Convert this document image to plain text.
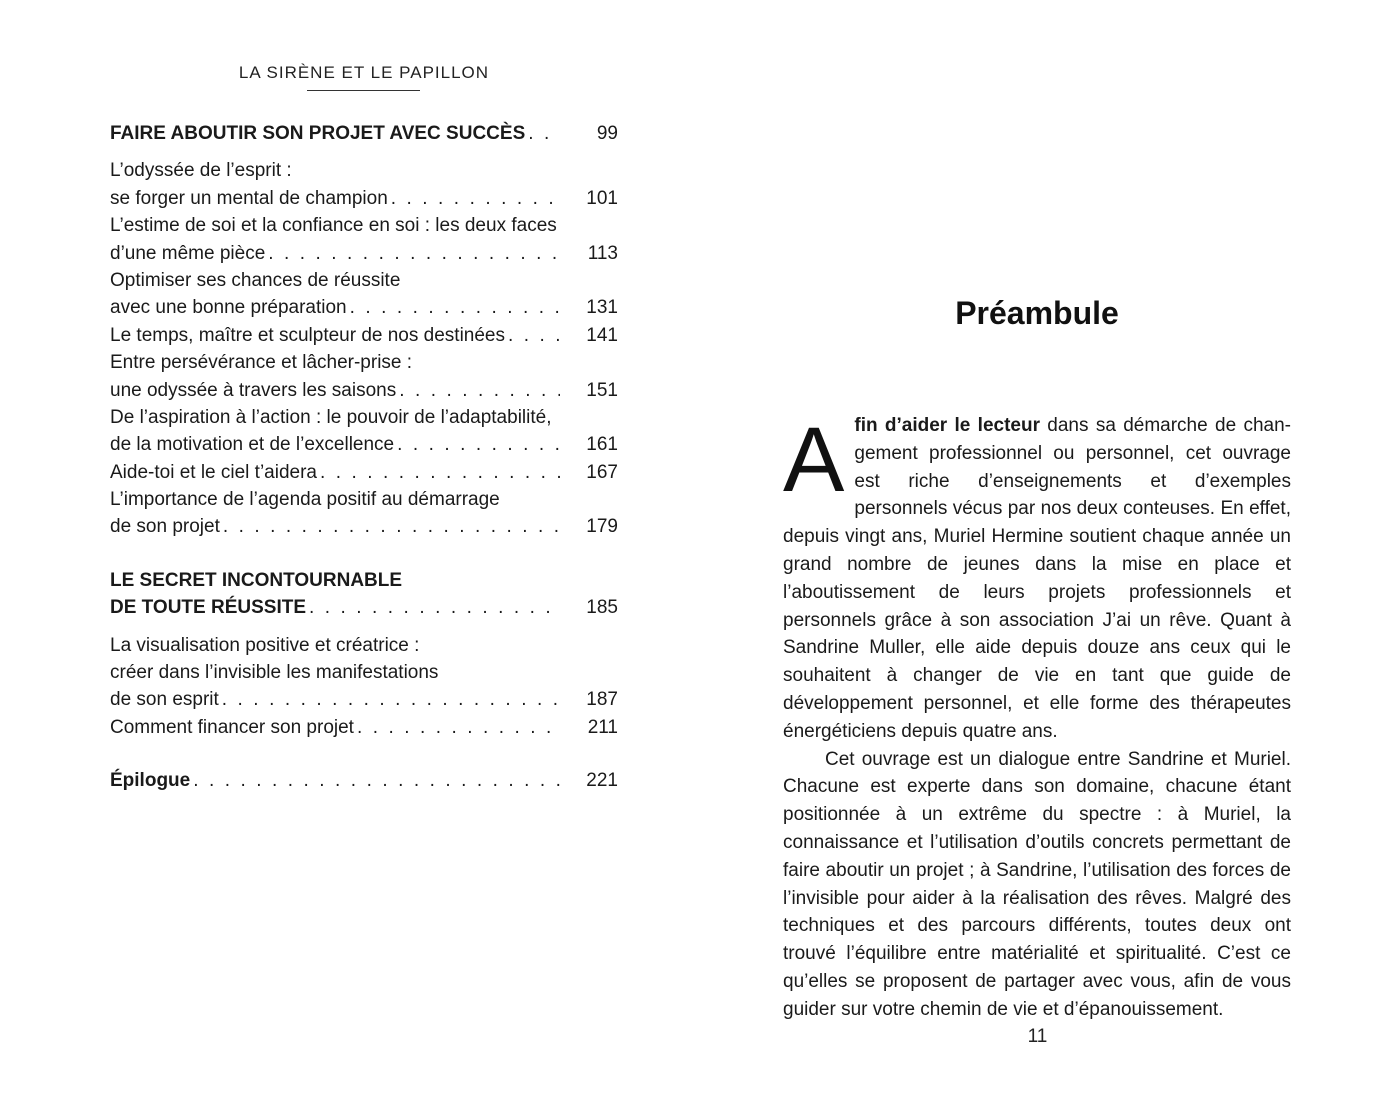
LA SIRÈNE ET LE PAPILLON
FAIRE ABOUTIR SON PROJET AVEC SUCCÈS . . .	99
L’odyssée de l’esprit :
se forger un mental de champion . . .	101
L’estime de soi et la confiance en soi : les deux faces
d’une même pièce . . .	113
Optimiser ses chances de réussite
avec une bonne préparation . . .	131
Le temps, maître et sculpteur de nos destinées . . .	141
Entre persévérance et lâcher-prise :
une odyssée à travers les saisons . . .	151
De l’aspiration à l’action : le pouvoir de l’adaptabilité,
de la motivation et de l’excellence . . .	161
Aide-toi et le ciel t’aidera . . .	167
L’importance de l’agenda positif au démarrage
de son projet . . .	179
LE SECRET INCONTOURNABLE
DE TOUTE RÉUSSITE . . .	185
La visualisation positive et créatrice :
créer dans l’invisible les manifestations
de son esprit . . .	187
Comment financer son projet . . .	211
Épilogue . . .	221
Préambule

Afin d’aider le lecteur dans sa démarche de changement professionnel ou personnel, cet ouvrage est riche d’enseignements et d’exemples personnels vécus par nos deux conteuses. En effet, depuis vingt ans, Muriel Hermine soutient chaque année un grand nombre de jeunes dans la mise en place et l’aboutissement de leurs projets professionnels et personnels grâce à son association J’ai un rêve. Quant à Sandrine Muller, elle aide depuis douze ans ceux qui le souhaitent à changer de vie en tant que guide de développement personnel, et elle forme des thérapeutes énergéticiens depuis quatre ans.

Cet ouvrage est un dialogue entre Sandrine et Muriel. Chacune est experte dans son domaine, chacune étant positionnée à un extrême du spectre : à Muriel, la connaissance et l’utilisation d’outils concrets permettant de faire aboutir un projet ; à Sandrine, l’utilisation des forces de l’invisible pour aider à la réalisation des rêves. Malgré des techniques et des parcours différents, toutes deux ont trouvé l’équilibre entre matérialité et spiritualité. C’est ce qu’elles se proposent de partager avec vous, afin de vous guider sur votre chemin de vie et d’épanouissement.

11
